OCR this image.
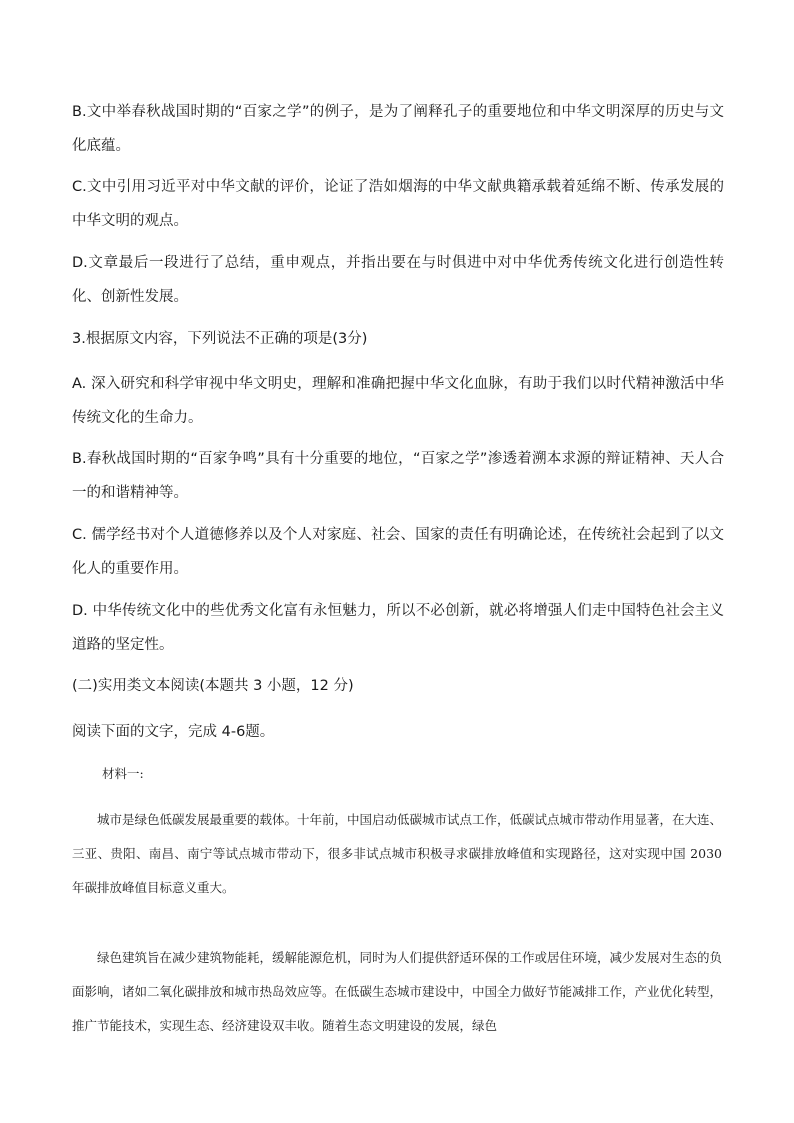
B.文中举春秋战国时期的“百家之学”的例子，是为了阐释孔子的重要地位和中华文明深厚的历史与文化底蕴。

C.文中引用习近平对中华文献的评价，论证了浩如烟海的中华文献典籍承载着延绵不断、传承发展的中华文明的观点。

D.文章最后一段进行了总结，重申观点，并指出要在与时俱进中对中华优秀传统文化进行创造性转化、创新性发展。

3.根据原文内容，下列说法不正确的项是(3分)

A. 深入研究和科学审视中华文明史，理解和准确把握中华文化血脉，有助于我们以时代精神激活中华传统文化的生命力。

B.春秋战国时期的“百家争鸣”具有十分重要的地位，“百家之学”渗透着溯本求源的辩证精神、天人合一的和谐精神等。

C. 儒学经书对个人道德修养以及个人对家庭、社会、国家的责任有明确论述，在传统社会起到了以文化人的重要作用。

D. 中华传统文化中的些优秀文化富有永恒魅力，所以不必创新，就必将增强人们走中国特色社会主义道路的坚定性。

(二)实用类文本阅读(本题共 3 小题，12 分)

阅读下面的文字，完成 4-6题。

材料一:

城市是绿色低碳发展最重要的载体。十年前，中国启动低碳城市试点工作，低碳试点城市带动作用显著，在大连、三亚、贵阳、南昌、南宁等试点城市带动下，很多非试点城市积极寻求碳排放峰值和实现路径，这对实现中国 2030 年碳排放峰值目标意义重大。

绿色建筑旨在减少建筑物能耗，缓解能源危机，同时为人们提供舒适环保的工作或居住环境，减少发展对生态的负面影响，诸如二氧化碳排放和城市热岛效应等。在低碳生态城市建设中，中国全力做好节能减排工作，产业优化转型，推广节能技术，实现生态、经济建设双丰收。随着生态文明建设的发展，绿色
